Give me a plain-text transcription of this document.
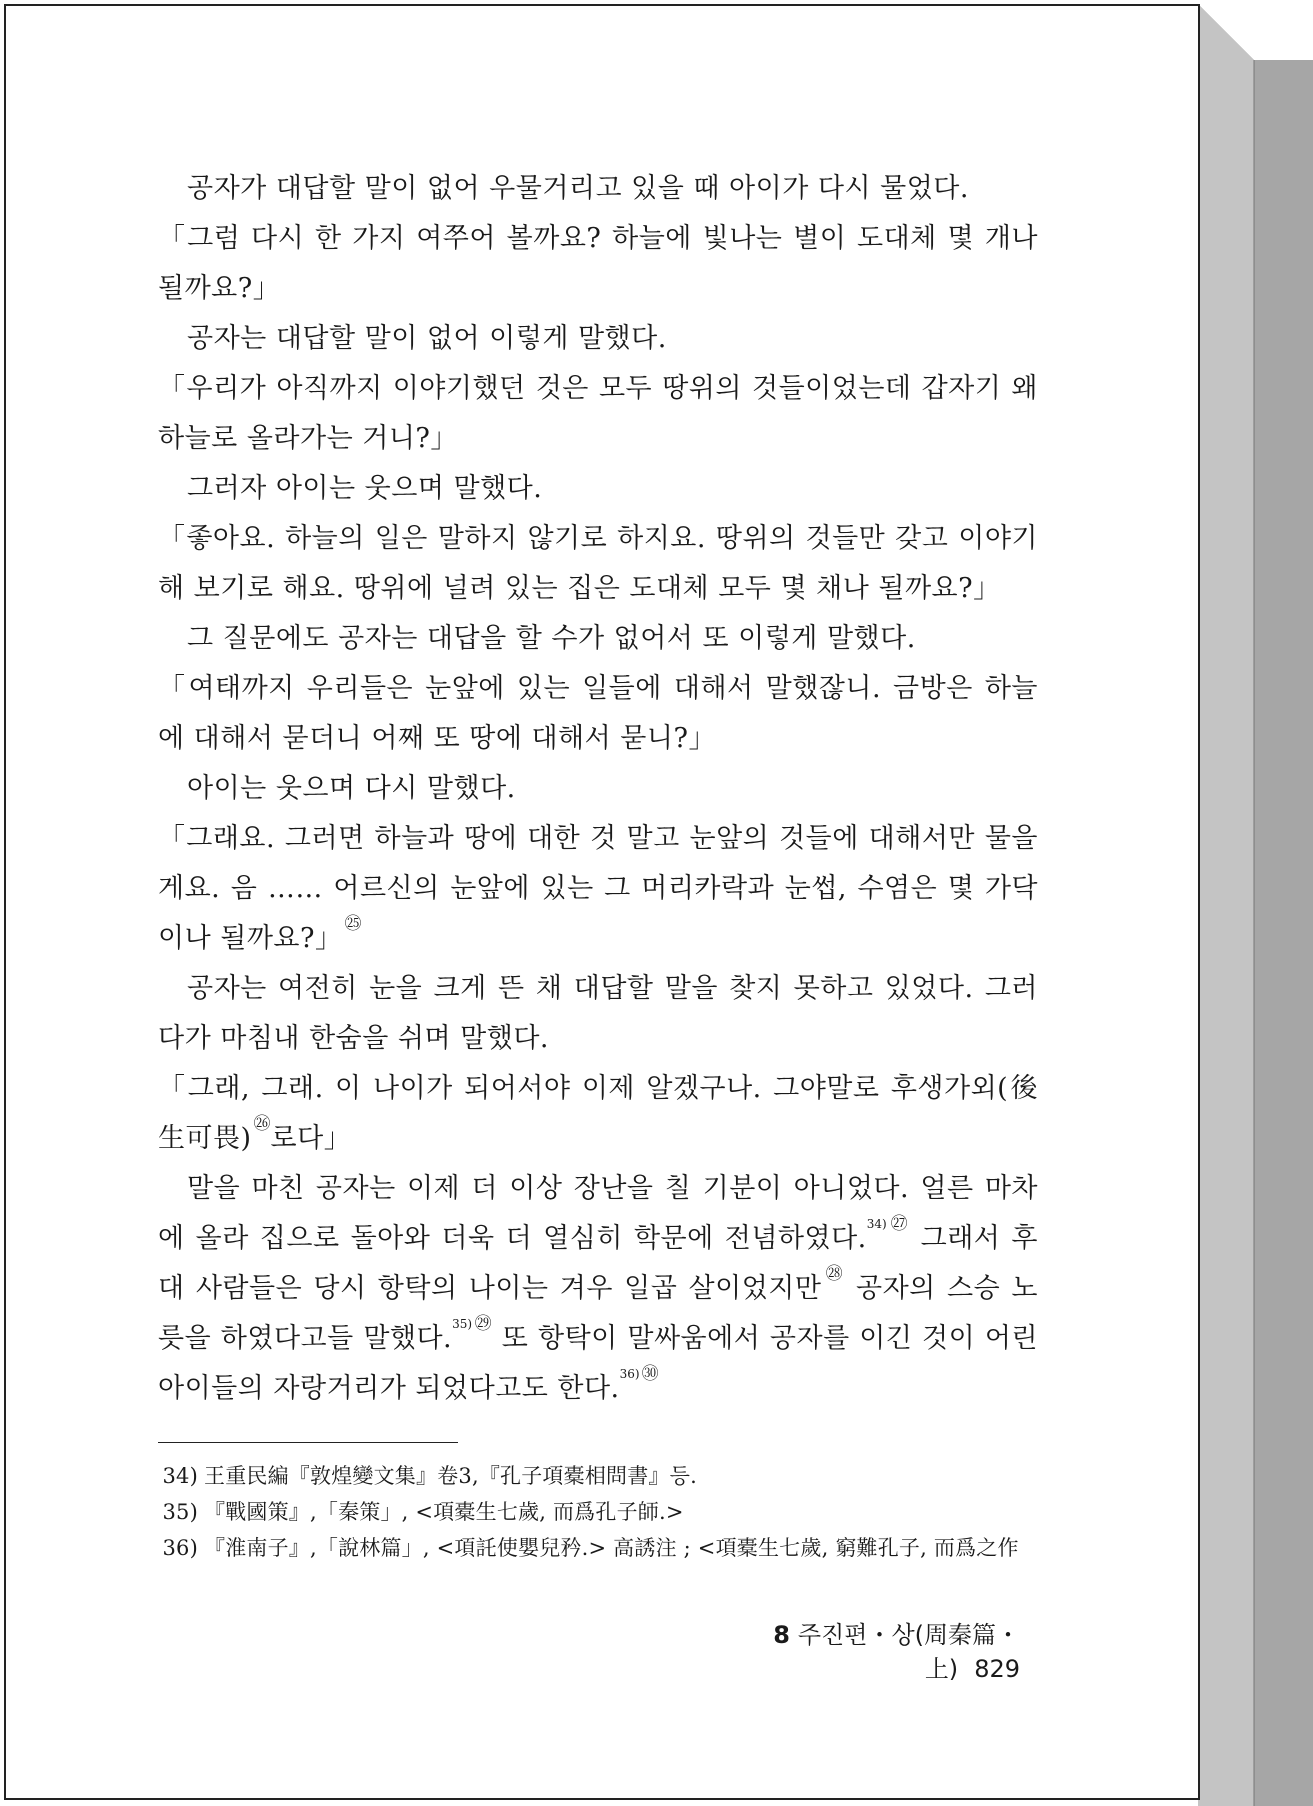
공자가 대답할 말이 없어 우물거리고 있을 때 아이가 다시 물었다.

「그럼 다시 한 가지 여쭈어 볼까요? 하늘에 빛나는 별이 도대체 몇 개나 될까요?」

공자는 대답할 말이 없어 이렇게 말했다.

「우리가 아직까지 이야기했던 것은 모두 땅위의 것들이었는데 갑자기 왜 하늘로 올라가는 거니?」

그러자 아이는 웃으며 말했다.

「좋아요. 하늘의 일은 말하지 않기로 하지요. 땅위의 것들만 갖고 이야기해 보기로 해요. 땅위에 널려 있는 집은 도대체 모두 몇 채나 될까요?」

그 질문에도 공자는 대답을 할 수가 없어서 또 이렇게 말했다.

「여태까지 우리들은 눈앞에 있는 일들에 대해서 말했잖니. 금방은 하늘에 대해서 묻더니 어째 또 땅에 대해서 묻니?」

아이는 웃으며 다시 말했다.

「그래요. 그러면 하늘과 땅에 대한 것 말고 눈앞의 것들에 대해서만 물을게요. 음 …… 어르신의 눈앞에 있는 그 머리카락과 눈썹, 수염은 몇 가닥이나 될까요?」 $^㉕$

공자는 여전히 눈을 크게 뜬 채 대답할 말을 찾지 못하고 있었다. 그러다가 마침내 한숨을 쉬며 말했다.

「그래, 그래. 이 나이가 되어서야 이제 알겠구나. 그야말로 후생가외(後生可畏) $^㉖$로다」

말을 마친 공자는 이제 더 이상 장난을 칠 기분이 아니었다. 얼른 마차에 올라 집으로 돌아와 더욱 더 열심히 학문에 전념하였다.$^{34)}$ $^㉗$ 그래서 후대 사람들은 당시 항탁의 나이는 겨우 일곱 살이었지만 $^㉘$ 공자의 스승 노릇을 하였다고들 말했다.$^{35)}$ $^㉙$ 또 항탁이 말싸움에서 공자를 이긴 것이 어린아이들의 자랑거리가 되었다고도 한다.$^{36)}$ $^㉚$

34) 王重民編『敦煌變文集』卷3,『孔子項橐相問書』등.
35) 『戰國策』,「秦策」, <項橐生七歲, 而爲孔子師.>
36) 『淮南子』,「說林篇」, <項託使嬰兒矜.> 高誘注 ; <項橐生七歲, 窮難孔子, 而爲之作
8 주진편・상(周秦篇・上) 829
